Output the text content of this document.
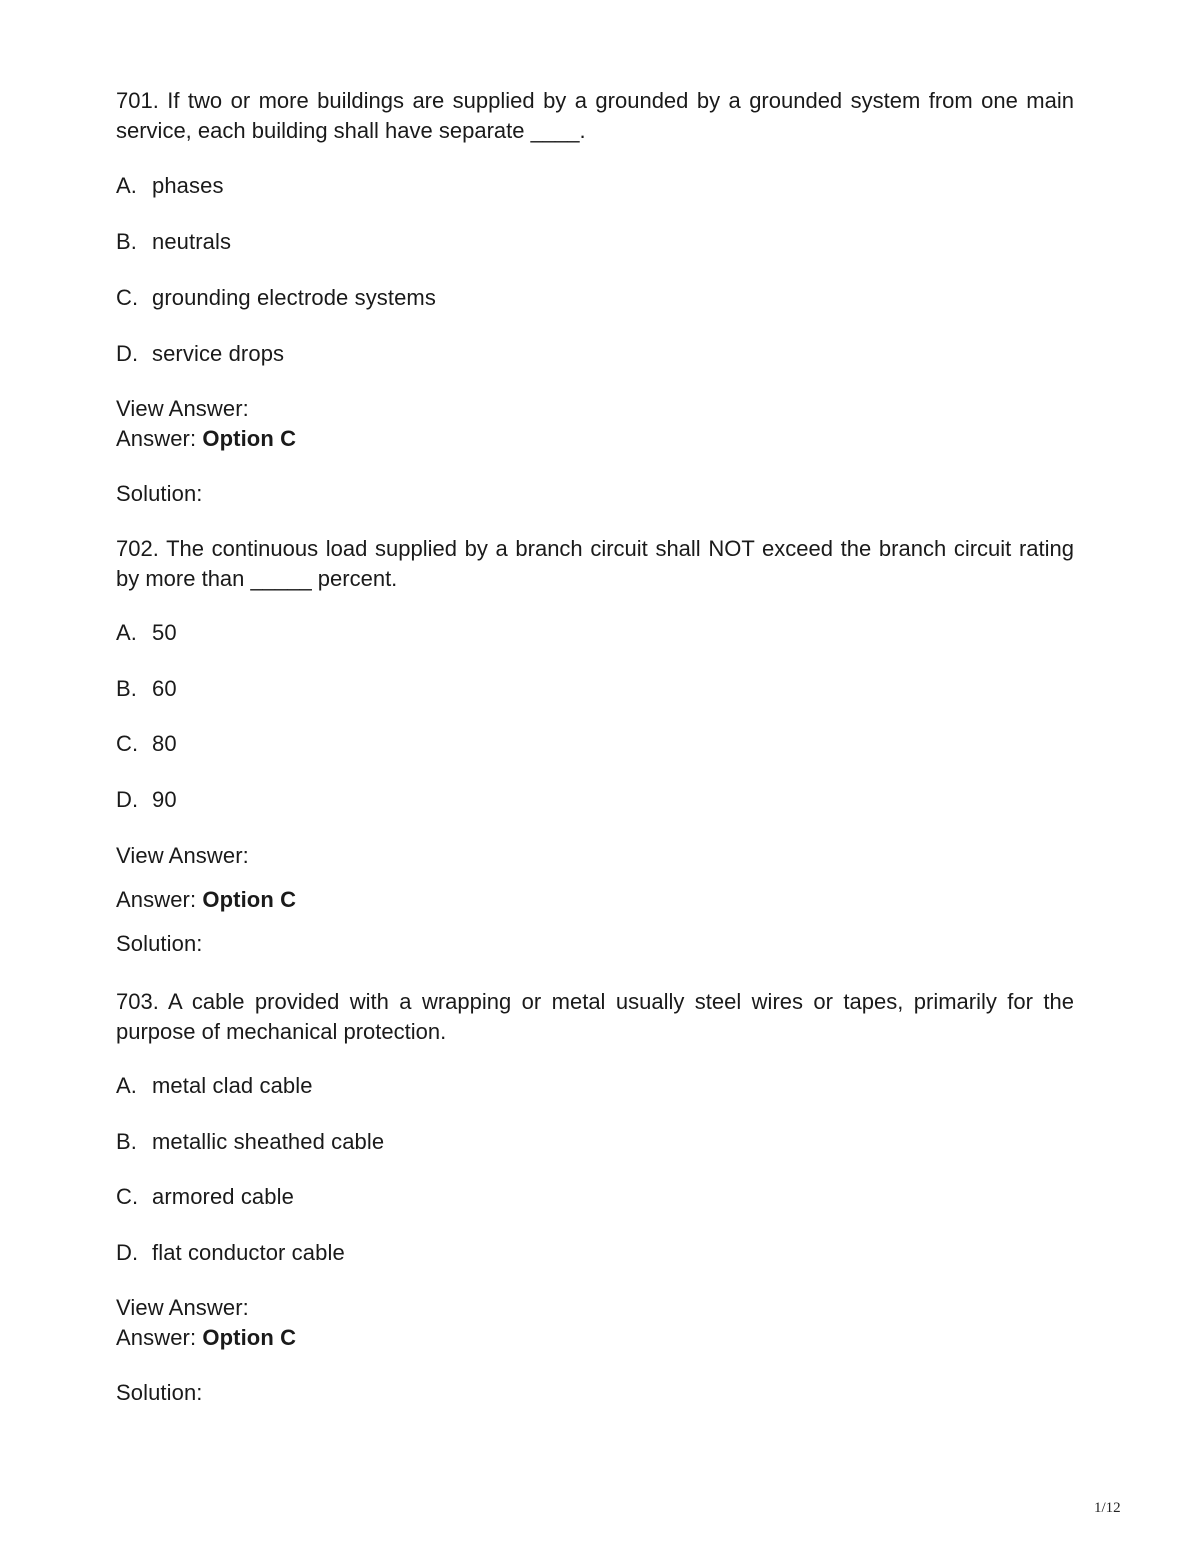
701. If two or more buildings are supplied by a grounded by a grounded system from one main service, each building shall have separate ____.
A. phases
B. neutrals
C. grounding electrode systems
D. service drops
View Answer:
Answer: Option C
Solution:
702. The continuous load supplied by a branch circuit shall NOT exceed the branch circuit rating by more than _____ percent.
A. 50
B. 60
C. 80
D. 90
View Answer:
Answer: Option C
Solution:
703. A cable provided with a wrapping or metal usually steel wires or tapes, primarily for the purpose of mechanical protection.
A. metal clad cable
B. metallic sheathed cable
C. armored cable
D. flat conductor cable
View Answer:
Answer: Option C
Solution:
1/12
